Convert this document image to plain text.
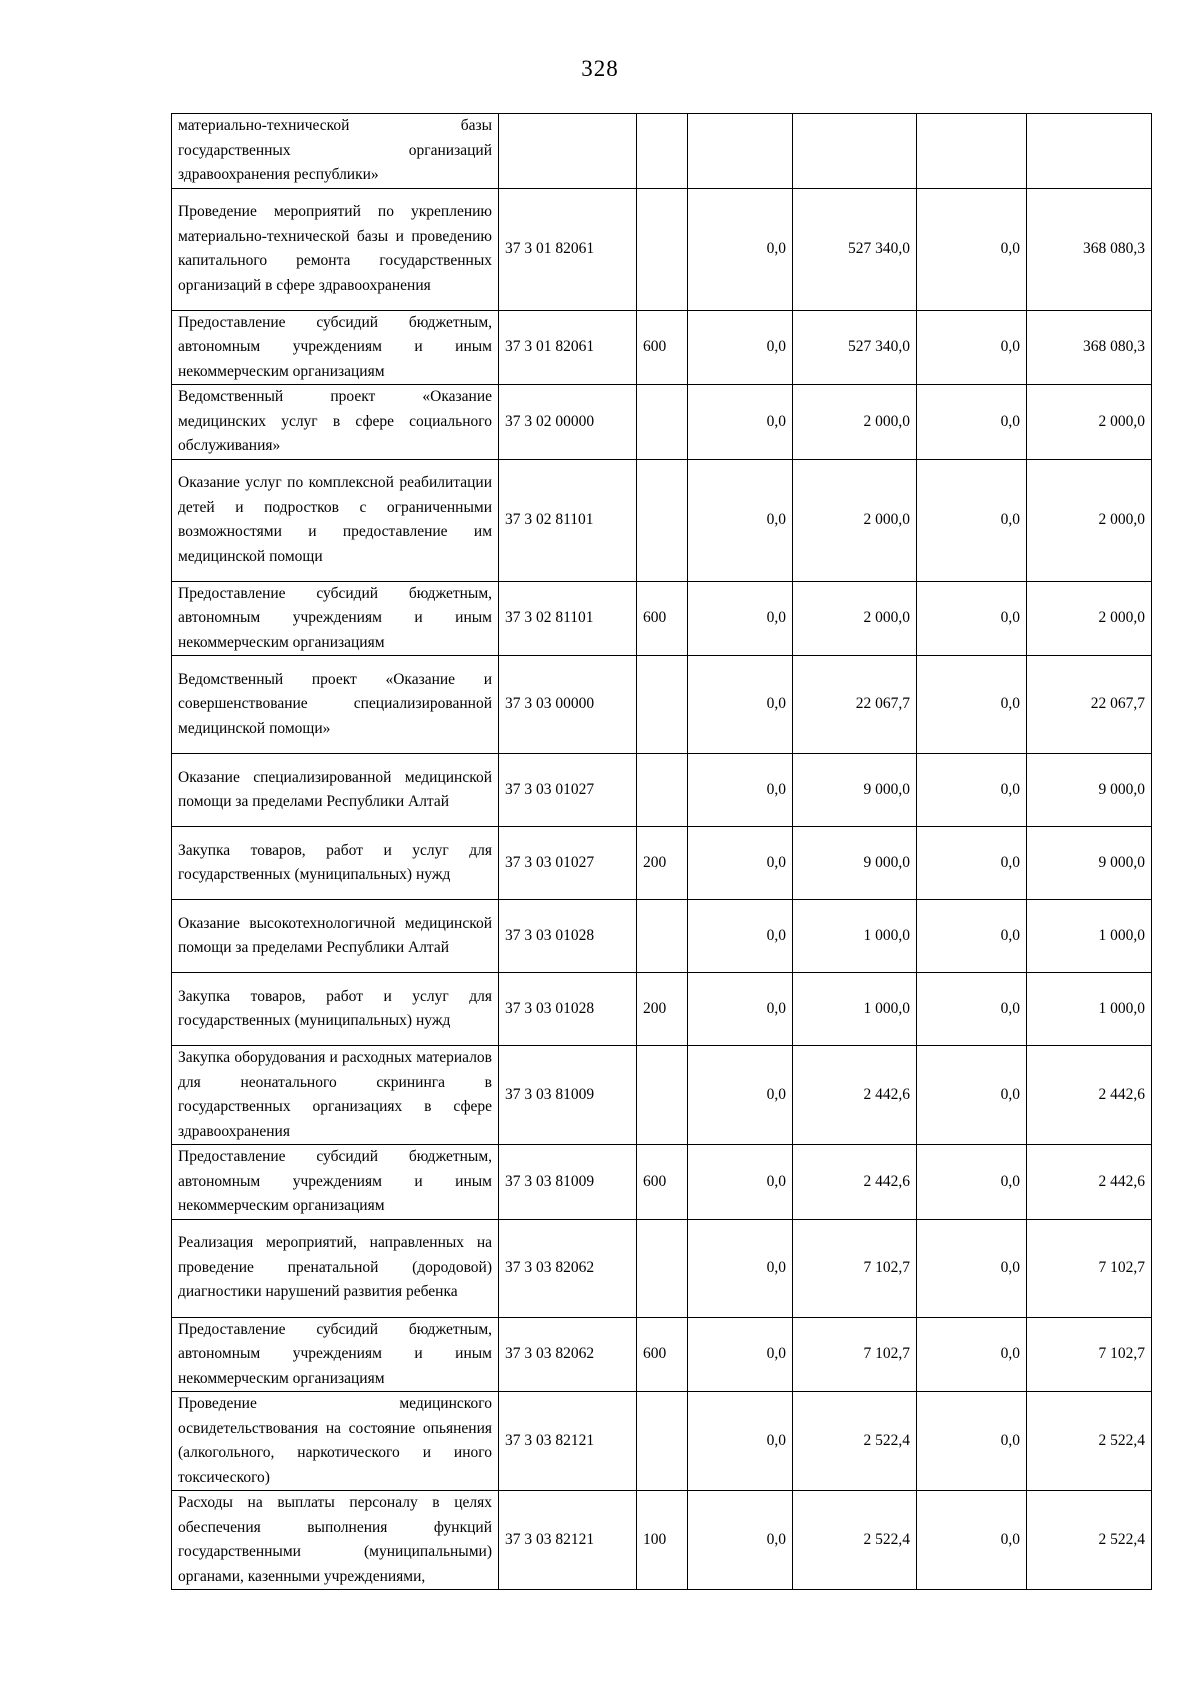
328
материально-технической базы государственных организаций здравоохранения республики»						
Проведение мероприятий по укреплению материально-технической базы и проведению капитального ремонта государственных организаций в сфере здравоохранения	37 3 01 82061		0,0	527 340,0	0,0	368 080,3
Предоставление субсидий бюджетным, автономным учреждениям и иным некоммерческим организациям	37 3 01 82061	600	0,0	527 340,0	0,0	368 080,3
Ведомственный проект «Оказание медицинских услуг в сфере социального обслуживания»	37 3 02 00000		0,0	2 000,0	0,0	2 000,0
Оказание услуг по комплексной реабилитации детей и подростков с ограниченными возможностями и предоставление им медицинской помощи	37 3 02 81101		0,0	2 000,0	0,0	2 000,0
Предоставление субсидий бюджетным, автономным учреждениям и иным некоммерческим организациям	37 3 02 81101	600	0,0	2 000,0	0,0	2 000,0
Ведомственный проект «Оказание и совершенствование специализированной медицинской помощи»	37 3 03 00000		0,0	22 067,7	0,0	22 067,7
Оказание специализированной медицинской помощи за пределами Республики Алтай	37 3 03 01027		0,0	9 000,0	0,0	9 000,0
Закупка товаров, работ и услуг для государственных (муниципальных) нужд	37 3 03 01027	200	0,0	9 000,0	0,0	9 000,0
Оказание высокотехнологичной медицинской помощи за пределами Республики Алтай	37 3 03 01028		0,0	1 000,0	0,0	1 000,0
Закупка товаров, работ и услуг для государственных (муниципальных) нужд	37 3 03 01028	200	0,0	1 000,0	0,0	1 000,0
Закупка оборудования и расходных материалов для неонатального скрининга в государственных организациях в сфере здравоохранения	37 3 03 81009		0,0	2 442,6	0,0	2 442,6
Предоставление субсидий бюджетным, автономным учреждениям и иным некоммерческим организациям	37 3 03 81009	600	0,0	2 442,6	0,0	2 442,6
Реализация мероприятий, направленных на проведение пренатальной (дородовой) диагностики нарушений развития ребенка	37 3 03 82062		0,0	7 102,7	0,0	7 102,7
Предоставление субсидий бюджетным, автономным учреждениям и иным некоммерческим организациям	37 3 03 82062	600	0,0	7 102,7	0,0	7 102,7
Проведение медицинского освидетельствования на состояние опьянения (алкогольного, наркотического и иного токсического)	37 3 03 82121		0,0	2 522,4	0,0	2 522,4
Расходы на выплаты персоналу в целях обеспечения выполнения функций государственными (муниципальными) органами, казенными учреждениями,	37 3 03 82121	100	0,0	2 522,4	0,0	2 522,4
